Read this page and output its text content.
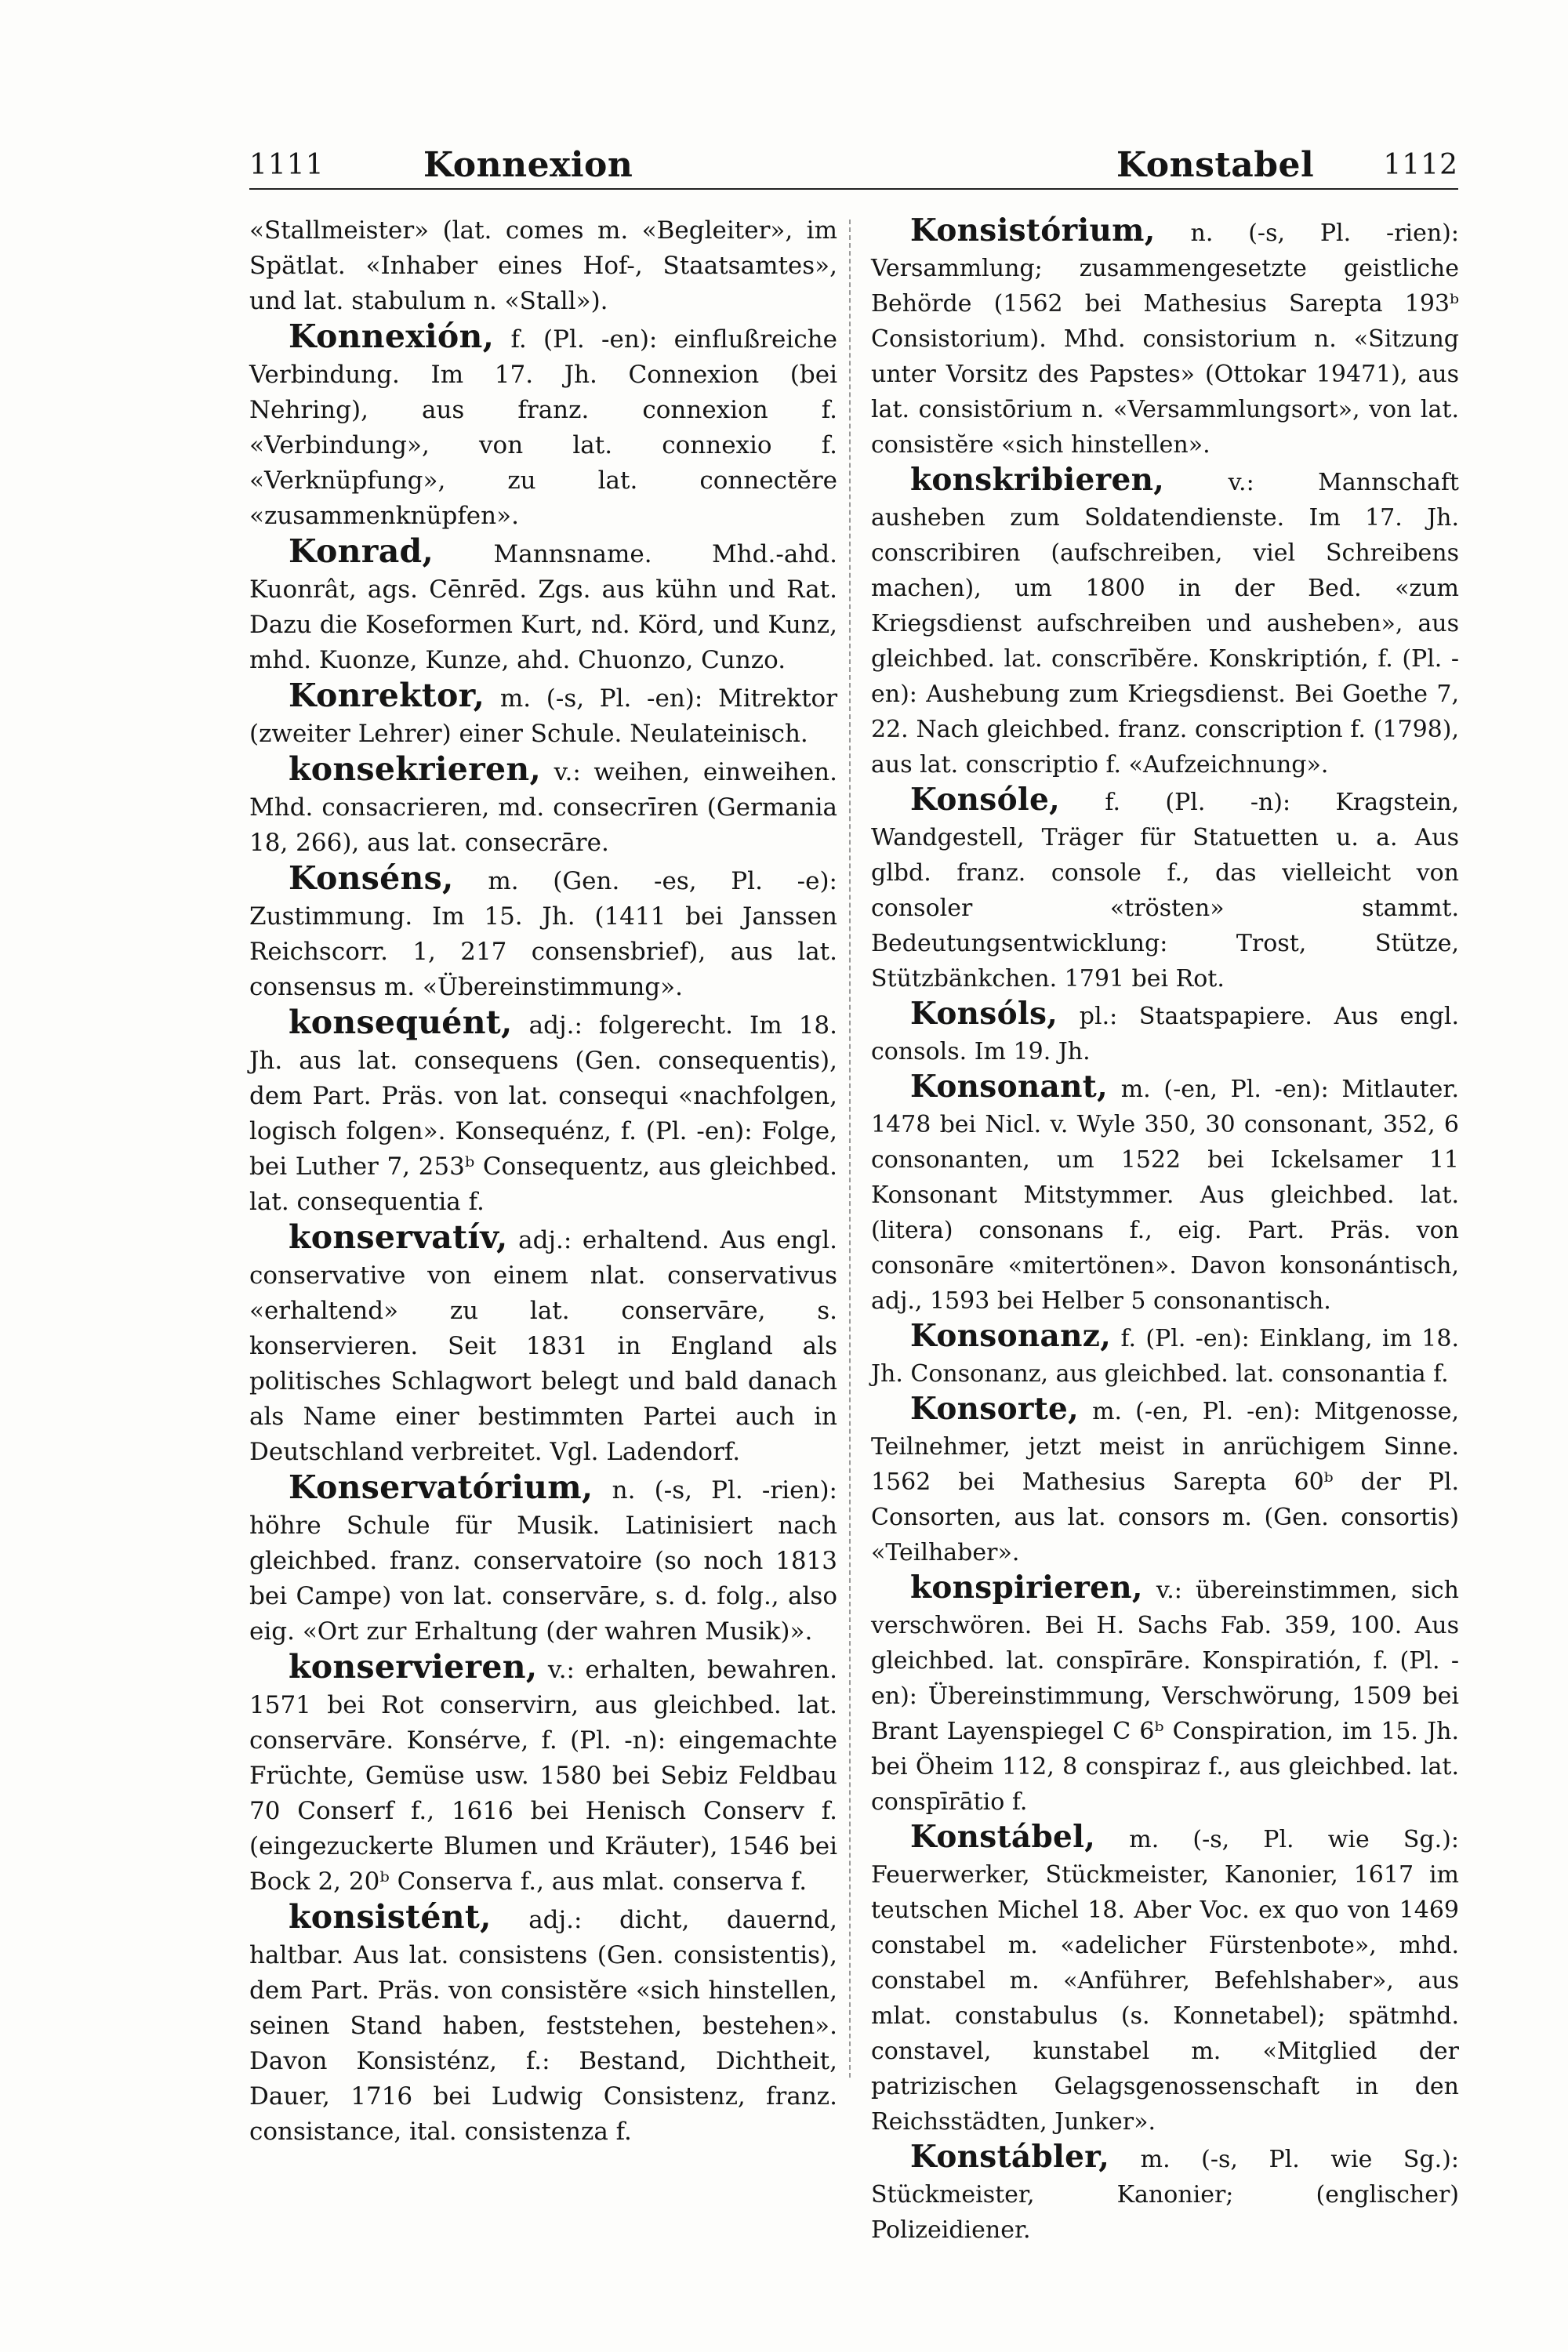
1111	Konnexion	Konstabel 1112

«Stallmeister» (lat. comes m. «Begleiter», im Spätlat. «Inhaber eines Hof-, Staatsamtes», und lat. stabulum n. «Stall»).

Konnexión, f. (Pl. -en): einflußreiche Verbindung. Im 17. Jh. Connexion (bei Nehring), aus franz. connexion f. «Verbindung», von lat. connexio f. «Verknüpfung», zu lat. connectĕre «zusammenknüpfen».

Konrad, Mannsname. Mhd.-ahd. Kuonrât, ags. Cēnrēd. Zgs. aus kühn und Rat. Dazu die Koseformen Kurt, nd. Körd, und Kunz, mhd. Kuonze, Kunze, ahd. Chuonzo, Cunzo.

Konrektor, m. (-s, Pl. -en): Mitrektor (zweiter Lehrer) einer Schule. Neulateinisch.

konsekrieren, v.: weihen, einweihen. Mhd. consacrieren, md. consecrīren (Germania 18, 266), aus lat. consecrāre.

Konséns, m. (Gen. -es, Pl. -e): Zustimmung. Im 15. Jh. (1411 bei Janssen Reichscorr. 1, 217 consensbrief), aus lat. consensus m. «Übereinstimmung».

konsequént, adj.: folgerecht. Im 18. Jh. aus lat. consequens (Gen. consequentis), dem Part. Präs. von lat. consequi «nachfolgen, logisch folgen». Konsequénz, f. (Pl. -en): Folge, bei Luther 7, 253ᵇ Consequentz, aus gleichbed. lat. consequentia f.

konservatív, adj.: erhaltend. Aus engl. conservative von einem nlat. conservativus «erhaltend» zu lat. conservāre, s. konservieren. Seit 1831 in England als politisches Schlagwort belegt und bald danach als Name einer bestimmten Partei auch in Deutschland verbreitet. Vgl. Ladendorf.

Konservatórium, n. (-s, Pl. -rien): höhre Schule für Musik. Latinisiert nach gleichbed. franz. conservatoire (so noch 1813 bei Campe) von lat. conservāre, s. d. folg., also eig. «Ort zur Erhaltung (der wahren Musik)».

konservieren, v.: erhalten, bewahren. 1571 bei Rot conservirn, aus gleichbed. lat. conservāre. Konsérve, f. (Pl. -n): eingemachte Früchte, Gemüse usw. 1580 bei Sebiz Feldbau 70 Conserf f., 1616 bei Henisch Conserv f. (eingezuckerte Blumen und Kräuter), 1546 bei Bock 2, 20ᵇ Conserva f., aus mlat. conserva f.

konsistént, adj.: dicht, dauernd, haltbar. Aus lat. consistens (Gen. consistentis), dem Part. Präs. von consistĕre «sich hinstellen, seinen Stand haben, feststehen, bestehen». Davon Konsisténz, f.: Bestand, Dichtheit, Dauer, 1716 bei Ludwig Consistenz, franz. consistance, ital. consistenza f.

Konsistórium, n. (-s, Pl. -rien): Versammlung; zusammengesetzte geistliche Behörde (1562 bei Mathesius Sarepta 193ᵇ Consistorium). Mhd. consistorium n. «Sitzung unter Vorsitz des Papstes» (Ottokar 19471), aus lat. consistōrium n. «Versammlungsort», von lat. consistĕre «sich hinstellen».

konskribieren,	v.: Mannschaft ausheben zum Soldatendienste. Im 17. Jh. conscribiren (aufschreiben, viel Schreibens machen), um 1800 in der Bed. «zum Kriegsdienst aufschreiben und ausheben», aus gleichbed. lat. conscrībĕre. Konskriptión, f. (Pl. -en): Aushebung zum Kriegsdienst. Bei Goethe 7, 22. Nach gleichbed. franz. conscription f. (1798), aus lat. conscriptio f. «Aufzeichnung».

Konsóle, f. (Pl. -n): Kragstein, Wandgestell, Träger für Statuetten u. a. Aus glbd. franz. console f., das vielleicht von consoler «trösten» stammt. Bedeutungsentwicklung: Trost, Stütze, Stützbänkchen. 1791 bei Rot.

Konsóls, pl.: Staatspapiere. Aus engl. consols. Im 19. Jh.

Konsonant, m. (-en, Pl. -en): Mitlauter. 1478 bei Nicl. v. Wyle 350, 30 consonant, 352, 6 consonanten, um 1522 bei Ickelsamer 11 Konsonant Mitstymmer. Aus gleichbed. lat. (litera) consonans f., eig. Part. Präs. von consonāre «mitertönen». Davon konsonántisch, adj., 1593 bei Helber 5 consonantisch.

Konsonanz, f. (Pl. -en): Einklang, im 18. Jh. Consonanz, aus gleichbed. lat. consonantia f.

Konsorte, m. (-en, Pl. -en): Mitgenosse, Teilnehmer, jetzt meist in anrüchigem Sinne. 1562 bei Mathesius Sarepta 60ᵇ der Pl. Consorten, aus lat. consors m. (Gen. consortis) «Teilhaber».

konspirieren, v.: übereinstimmen, sich verschwören. Bei H. Sachs Fab. 359, 100. Aus gleichbed. lat. conspīrāre. Konspiratión, f. (Pl. -en): Übereinstimmung, Verschwörung, 1509 bei Brant Layenspiegel C 6ᵇ Conspiration, im 15. Jh. bei Öheim 112, 8 conspiraz f., aus gleichbed. lat. conspīrātio f.

Konstábel, m. (-s, Pl. wie Sg.): Feuerwerker, Stückmeister, Kanonier, 1617 im teutschen Michel 18. Aber Voc. ex quo von 1469 constabel m. «adelicher Fürstenbote», mhd. constabel m. «Anführer, Befehlshaber», aus mlat. constabulus (s. Konnetabel); spätmhd. constavel, kunstabel m. «Mitglied der patrizischen Gelagsgenossenschaft in den Reichsstädten, Junker».

Konstábler, m. (-s, Pl. wie Sg.): Stückmeister, Kanonier; (englischer) Polizeidiener.
